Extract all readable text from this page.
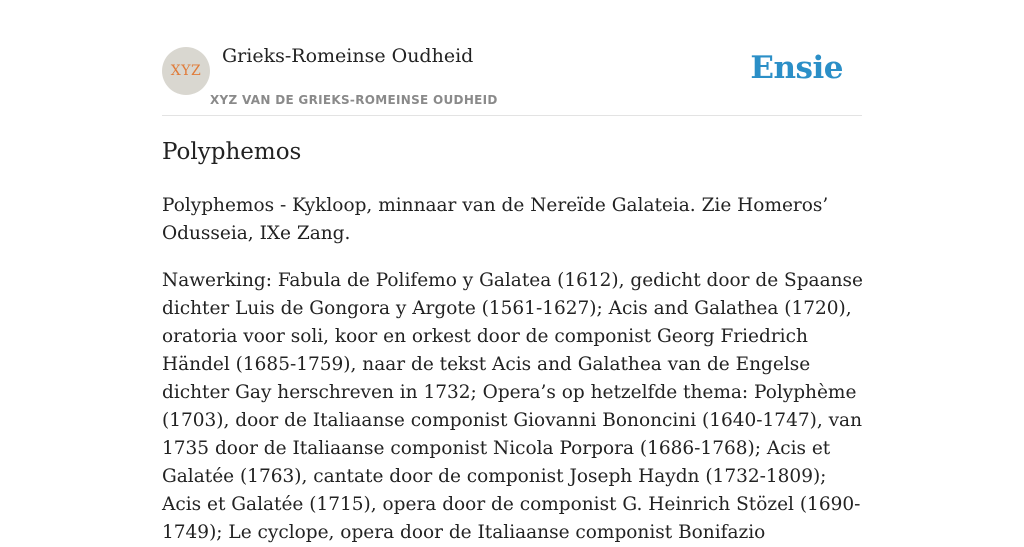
XYZ
Grieks-Romeinse Oudheid
XYZ VAN DE GRIEKS-ROMEINSE OUDHEID
Ensie
Polyphemos

Polyphemos - Kykloop, minnaar van de Nereïde Galateia. Zie Homeros’ Odusseia, IXe Zang.

Nawerking: Fabula de Polifemo y Galatea (1612), gedicht door de Spaanse dichter Luis de Gongora y Argote (1561-1627); Acis and Galathea (1720), oratoria voor soli, koor en orkest door de componist Georg Friedrich Händel (1685-1759), naar de tekst Acis and Galathea van de Engelse dichter Gay herschreven in 1732; Opera’s op hetzelfde thema: Polyphème (1703), door de Italiaanse componist Giovanni Bononcini (1640-1747), van 1735 door de Italiaanse componist Nicola Porpora (1686-1768); Acis et Galatée (1763), cantate door de componist Joseph Haydn (1732-1809); Acis et Galatée (1715), opera door de componist G. Heinrich Stözel (1690-1749); Le cyclope, opera door de Italiaanse componist Bonifazio
